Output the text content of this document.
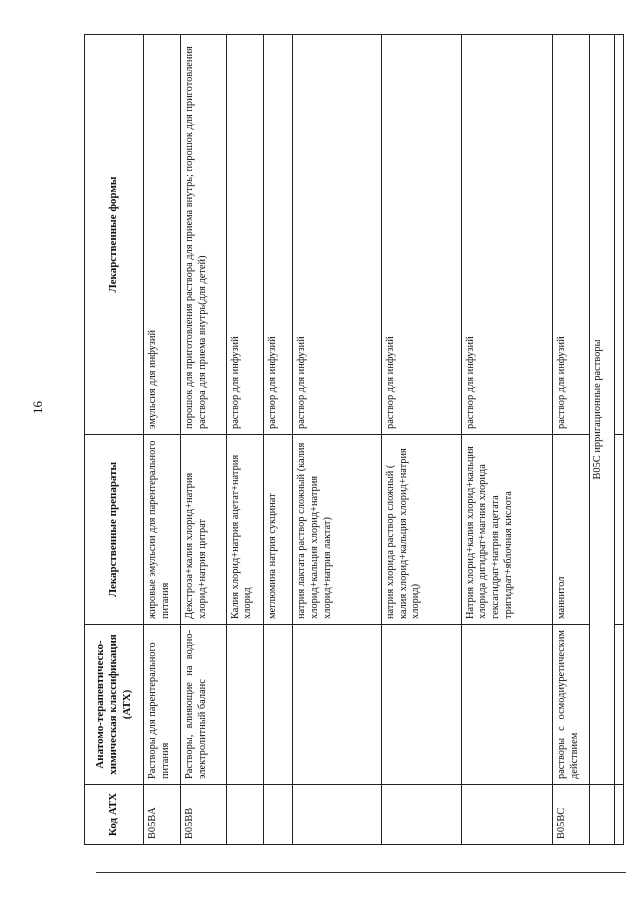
16
Код АТХ	Анатомо-терапевтическо-химическая классификация (АТХ)	Лекарственные препараты	Лекарственные формы
B05BA	Растворы для парентерального питания	жировые эмульсии для парентерального питания	эмульсия для инфузий
B05BB	Растворы, влияющие на водно-электролитный баланс	Декстроза+калия хлорид+натрия хлорид+натрия цитрат	порошок для приготовления раствора для приема внутрь; порошок для приготовления раствора для приема внутрь(для детей)
		Калия хлорид+натрия ацетат+натрия хлорид	раствор для инфузий
		меглюмина натрия сукцинат	раствор для инфузий
		натрия лактата раствор сложный (калия хлорид+кальция хлорид+натрия хлорид+натрия лактат)	раствор для инфузий
		натрия хлорида раствор сложный ( калия хлорид+кальция хлорид+натрия хлорид)	раствор для инфузий
		Натрия хлорид+калия хлорид+кальция хлорида дигидрат+магния хлорида гексагидрат+натрия ацетата тригидрат+яблочная кислота	раствор для инфузий
B05BC	растворы с осмодиуретическим действием	маннитол	раствор для инфузий

	B05C ирригационные растворы		
